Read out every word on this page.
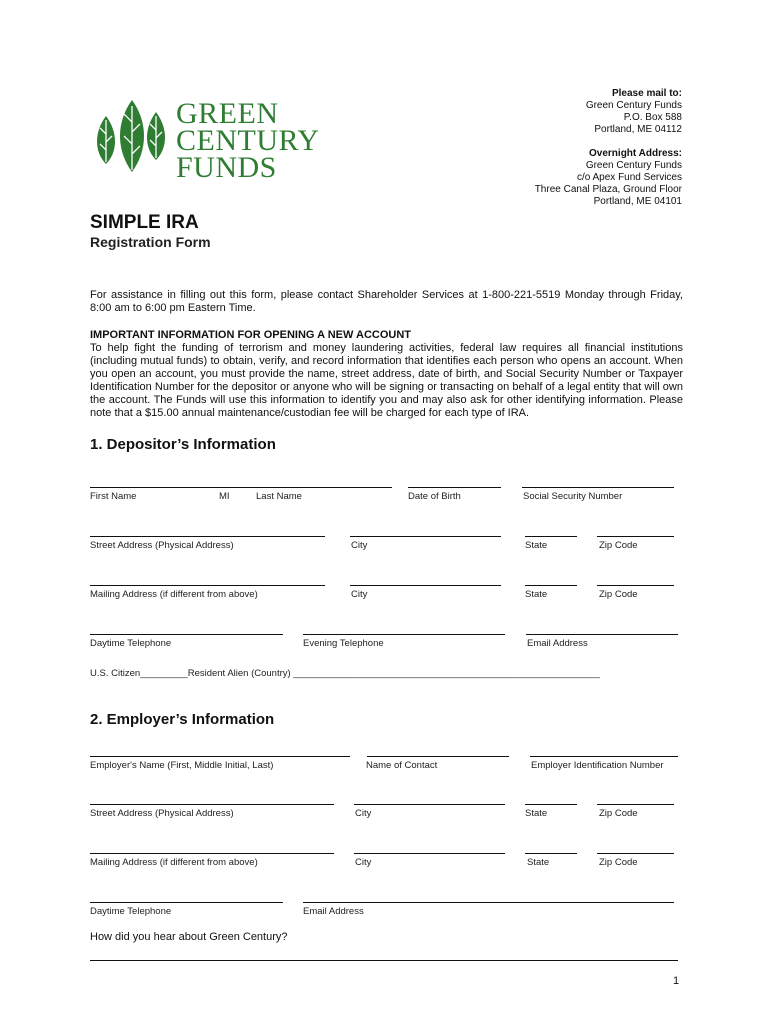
GREEN
CENTURY
FUNDS
Please mail to:
Green Century Funds
P.O. Box 588
Portland, ME 04112
Overnight Address:
Green Century Funds
c/o Apex Fund Services
Three Canal Plaza, Ground Floor
Portland, ME 04101
SIMPLE IRA
Registration Form
For assistance in filling out this form, please contact Shareholder Services at 1-800-221-5519 Monday through Friday, 8:00 am to 6:00 pm Eastern Time.
IMPORTANT INFORMATION FOR OPENING A NEW ACCOUNT
To help fight the funding of terrorism and money laundering activities, federal law requires all financial institutions (including mutual funds) to obtain, verify, and record information that identifies each person who opens an account. When you open an account, you must provide the name, street address, date of birth, and Social Security Number or Taxpayer Identification Number for the depositor or anyone who will be signing or transacting on behalf of a legal entity that will own the account. The Funds will use this information to identify you and may also ask for other identifying information. Please note that a $15.00 annual maintenance/custodian fee will be charged for each type of IRA.
1. Depositor’s Information
First Name	MI	Last Name	Date of Birth	Social Security Number
Street Address (Physical Address)	City	State	Zip Code
Mailing Address (if different from above)	City	State	Zip Code
Daytime Telephone	Evening Telephone	Email Address
U.S. Citizen_________Resident Alien (Country) __________________________________________________________
2. Employer’s Information
Employer's Name (First, Middle Initial, Last)	Name of Contact	Employer Identification Number
Street Address (Physical Address)	City	State	Zip Code
Mailing Address (if different from above)	City	State	Zip Code
Daytime Telephone	Email Address
How did you hear about Green Century?
1
